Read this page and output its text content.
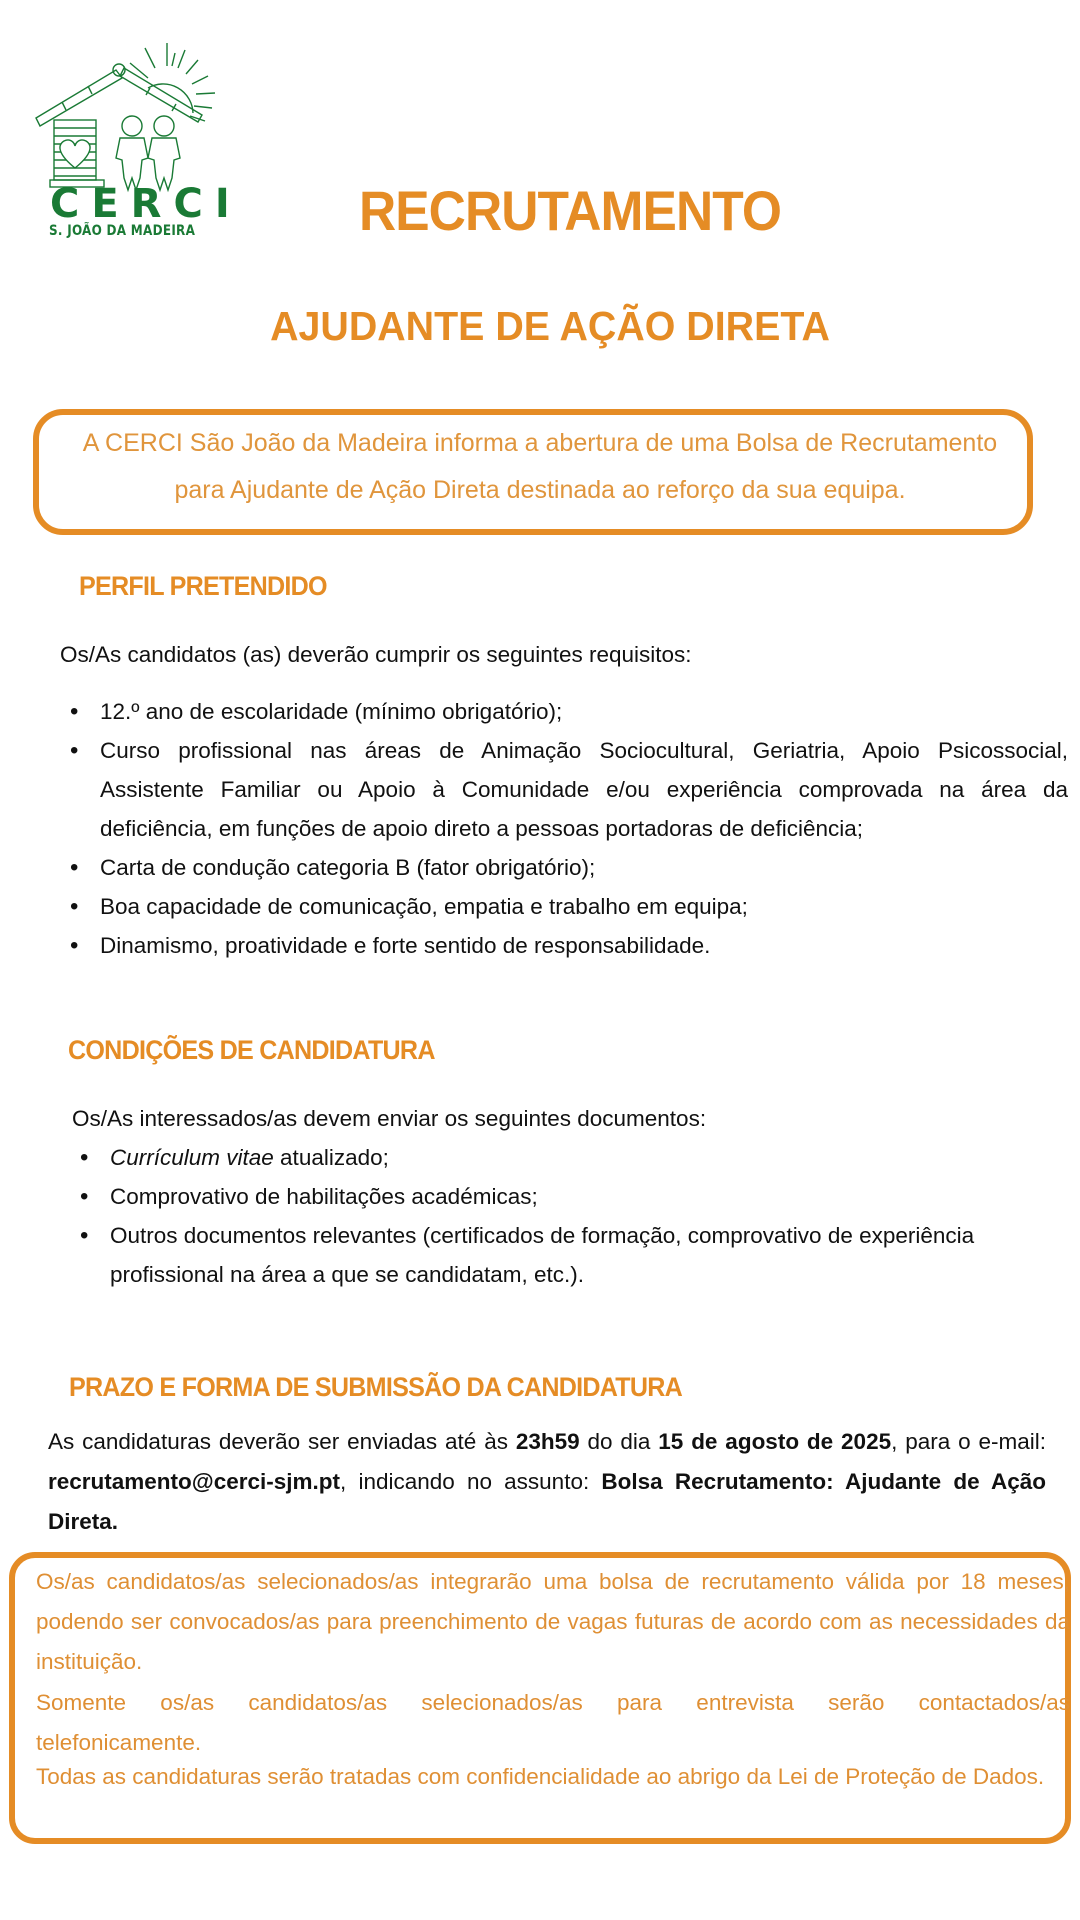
CERCI
S. JOÃO DA MADEIRA	RECRUTAMENTO
AJUDANTE DE AÇÃO DIRETA
A CERCI São João da Madeira informa a abertura de uma Bolsa de Recrutamento
para Ajudante de Ação Direta destinada ao reforço da sua equipa.
PERFIL PRETENDIDO
Os/As candidatos (as) deverão cumprir os seguintes requisitos:
• 12.º ano de escolaridade (mínimo obrigatório);
• Curso profissional nas áreas de Animação Sociocultural, Geriatria, Apoio Psicossocial, Assistente Familiar ou Apoio à Comunidade e/ou experiência comprovada na área da deficiência, em funções de apoio direto a pessoas portadoras de deficiência;
• Carta de condução categoria B (fator obrigatório);
• Boa capacidade de comunicação, empatia e trabalho em equipa;
• Dinamismo, proatividade e forte sentido de responsabilidade.
CONDIÇÕES DE CANDIDATURA
Os/As interessados/as devem enviar os seguintes documentos:
• Currículum vitae atualizado;
• Comprovativo de habilitações académicas;
• Outros documentos relevantes (certificados de formação, comprovativo de experiência profissional na área a que se candidatam, etc.).
PRAZO E FORMA DE SUBMISSÃO DA CANDIDATURA
As candidaturas deverão ser enviadas até às 23h59 do dia 15 de agosto de 2025, para o e-mail: recrutamento@cerci-sjm.pt, indicando no assunto: Bolsa Recrutamento: Ajudante de Ação Direta.
Os/as candidatos/as selecionados/as integrarão uma bolsa de recrutamento válida por 18 meses, podendo ser convocados/as para preenchimento de vagas futuras de acordo com as necessidades da instituição.
Somente os/as candidatos/as selecionados/as para entrevista serão contactados/as
telefonicamente.
Todas as candidaturas serão tratadas com confidencialidade ao abrigo da Lei de Proteção de Dados.
